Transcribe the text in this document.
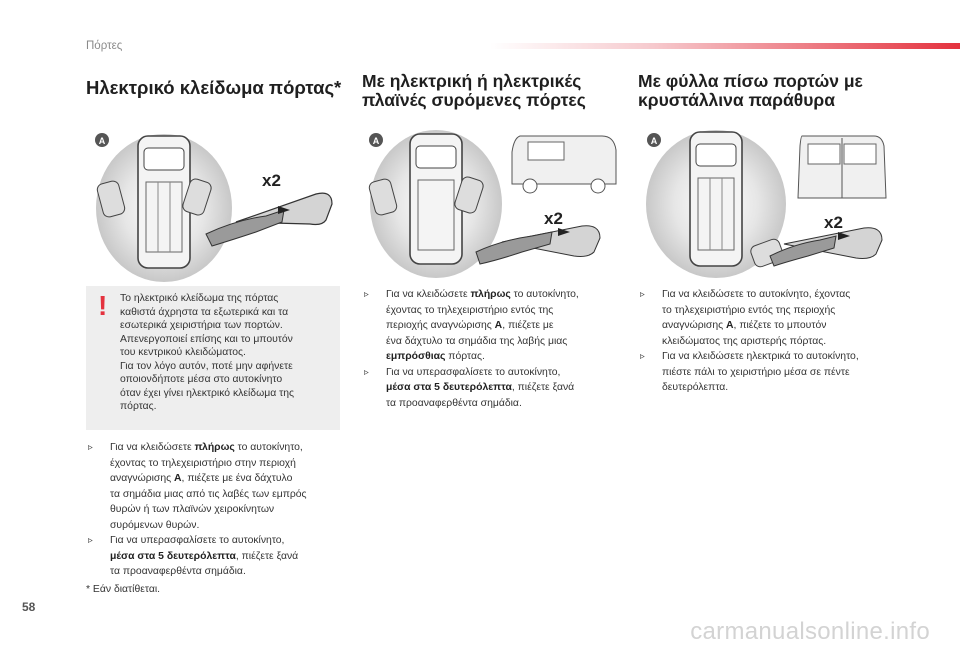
Πόρτες
Ηλεκτρικό κλείδωμα πόρτας*
A
x2
! Το ηλεκτρικό κλείδωμα της πόρτας
καθιστά άχρηστα τα εξωτερικά και τα
εσωτερικά χειριστήρια των πορτών.
Απενεργοποιεί επίσης και το μπουτόν
του κεντρικού κλειδώματος.
Για τον λόγο αυτόν, ποτέ μην αφήνετε
οποιονδήποτε μέσα στο αυτοκίνητο
όταν έχει γίνει ηλεκτρικό κλείδωμα της
πόρτας.
▹ Για να κλειδώσετε πλήρως το αυτοκίνητο,
έχοντας το τηλεχειριστήριο στην περιοχή
αναγνώρισης A, πιέζετε με ένα δάχτυλο
τα σημάδια μιας από τις λαβές των εμπρός
θυρών ή των πλαϊνών χειροκίνητων
συρόμενων θυρών.
▹ Για να υπερασφαλίσετε το αυτοκίνητο,
μέσα στα 5 δευτερόλεπτα, πιέζετε ξανά
τα προαναφερθέντα σημάδια.
* Εάν διατίθεται.
Με ηλεκτρική ή ηλεκτρικές
πλαϊνές συρόμενες πόρτες
A
x2
▹ Για να κλειδώσετε πλήρως το αυτοκίνητο,
έχοντας το τηλεχειριστήριο εντός της
περιοχής αναγνώρισης A, πιέζετε με
ένα δάχτυλο τα σημάδια της λαβής μιας
εμπρόσθιας πόρτας.
▹ Για να υπερασφαλίσετε το αυτοκίνητο,
μέσα στα 5 δευτερόλεπτα, πιέζετε ξανά
τα προαναφερθέντα σημάδια.
Με φύλλα πίσω πορτών με
κρυστάλλινα παράθυρα
A
x2
▹ Για να κλειδώσετε το αυτοκίνητο, έχοντας
το τηλεχειριστήριο εντός της περιοχής
αναγνώρισης A, πιέζετε το μπουτόν
κλειδώματος της αριστερής πόρτας.
▹ Για να κλειδώσετε ηλεκτρικά το αυτοκίνητο,
πιέστε πάλι το χειριστήριο μέσα σε πέντε
δευτερόλεπτα.
58
carmanualsonline.info
